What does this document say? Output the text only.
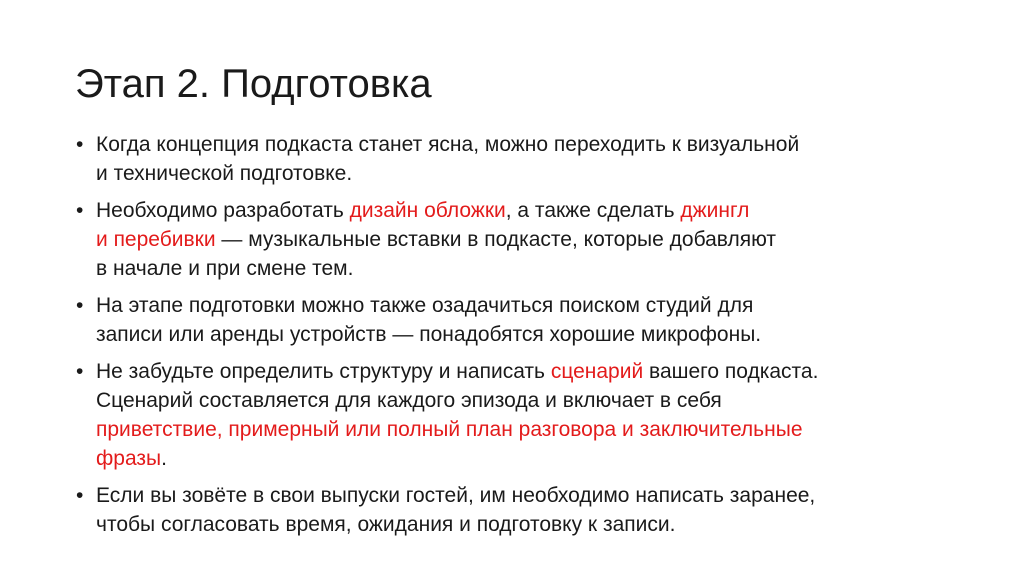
Этап 2. Подготовка
• Когда концепция подкаста станет ясна, можно переходить к визуальной
и технической подготовке.
• Необходимо разработать дизайн обложки, а также сделать джингл
и перебивки — музыкальные вставки в подкасте, которые добавляют
в начале и при смене тем.
• На этапе подготовки можно также озадачиться поиском студий для
записи или аренды устройств — понадобятся хорошие микрофоны.
• Не забудьте определить структуру и написать сценарий вашего подкаста.
Сценарий составляется для каждого эпизода и включает в себя
приветствие, примерный или полный план разговора и заключительные
фразы.
• Если вы зовёте в свои выпуски гостей, им необходимо написать заранее,
чтобы согласовать время, ожидания и подготовку к записи.
